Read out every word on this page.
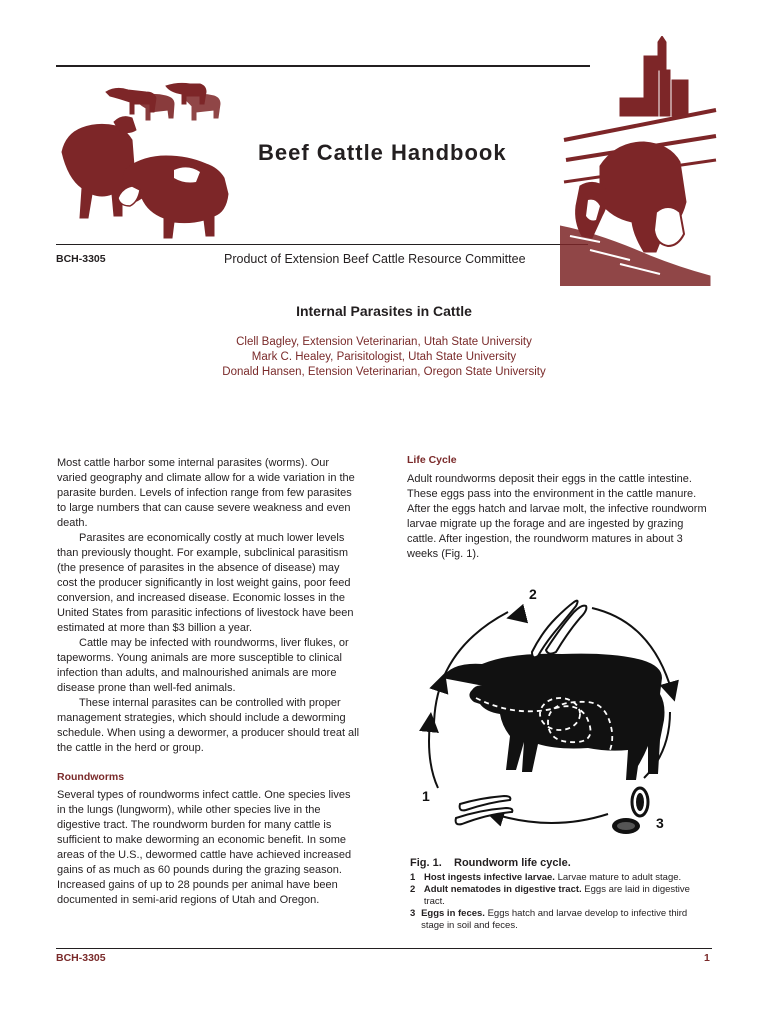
Beef Cattle Handbook
BCH-3305	Product of Extension Beef Cattle Resource Committee
Internal Parasites in Cattle
Clell Bagley, Extension Veterinarian, Utah State University
Mark C. Healey, Parisitologist, Utah State University
Donald Hansen, Etension Veterinarian, Oregon State University

Most cattle harbor some internal parasites (worms). Our varied geography and climate allow for a wide variation in the parasite burden. Levels of infection range from few parasites to large numbers that can cause severe weakness and even death.

Parasites are economically costly at much lower levels than previously thought. For example, subclinical parasitism (the presence of parasites in the absence of disease) may cost the producer significantly in lost weight gains, poor feed conversion, and increased disease. Economic losses in the United States from parasitic infections of livestock have been estimated at more than $3 billion a year.

Cattle may be infected with roundworms, liver flukes, or tapeworms. Young animals are more susceptible to clinical infection than adults, and malnourished animals are more disease prone than well-fed animals.

These internal parasites can be controlled with proper management strategies, which should include a deworming schedule. When using a dewormer, a producer should treat all the cattle in the herd or group.

Roundworms

Several types of roundworms infect cattle. One species lives in the lungs (lungworm), while other species live in the digestive tract. The roundworm burden for many cattle is sufficient to make deworming an economic benefit. In some areas of the U.S., dewormed cattle have achieved increased gains of as much as 60 pounds during the grazing season. Increased gains of up to 28 pounds per animal have been documented in semi-arid regions of Utah and Oregon.

Life Cycle

Adult roundworms deposit their eggs in the cattle intestine. These eggs pass into the environment in the cattle manure. After the eggs hatch and larvae molt, the infective roundworm larvae migrate up the forage and are ingested by grazing cattle. After ingestion, the roundworm matures in about 3 weeks (Fig. 1).

1
2
3
Fig. 1.    Roundworm life cycle.
1 Host ingests infective larvae. Larvae mature to adult stage.
2 Adult nematodes in digestive tract. Eggs are laid in digestive tract.
3 Eggs in feces. Eggs hatch and larvae develop to infective third stage in soil and feces.
BCH-3305	1
